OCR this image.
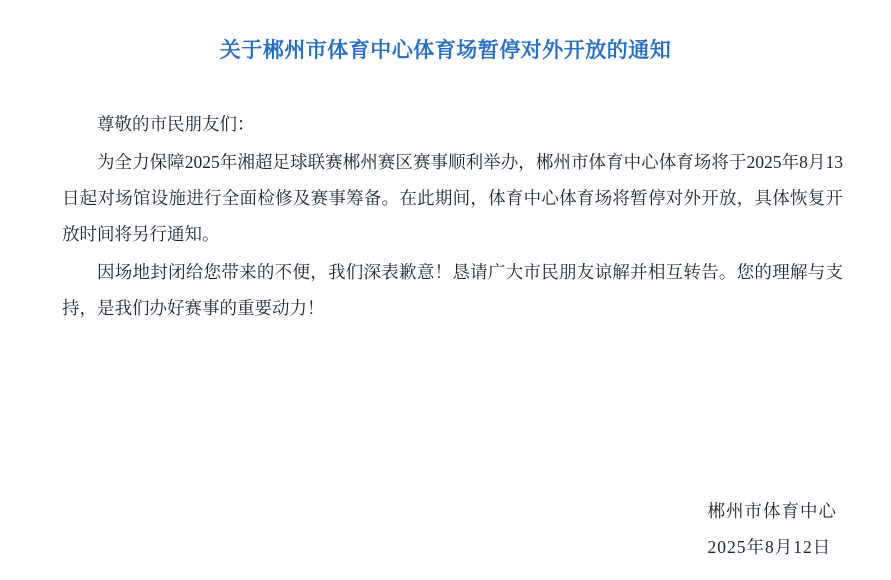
关于郴州市体育中心体育场暂停对外开放的通知

尊敬的市民朋友们：

为全力保障2025年湘超足球联赛郴州赛区赛事顺利举办，郴州市体育中心体育场将于2025年8月13日起对场馆设施进行全面检修及赛事筹备。在此期间，体育中心体育场将暂停对外开放，具体恢复开放时间将另行通知。

因场地封闭给您带来的不便，我们深表歉意！恳请广大市民朋友谅解并相互转告。您的理解与支持，是我们办好赛事的重要动力！

郴州市体育中心
2025年8月12日
